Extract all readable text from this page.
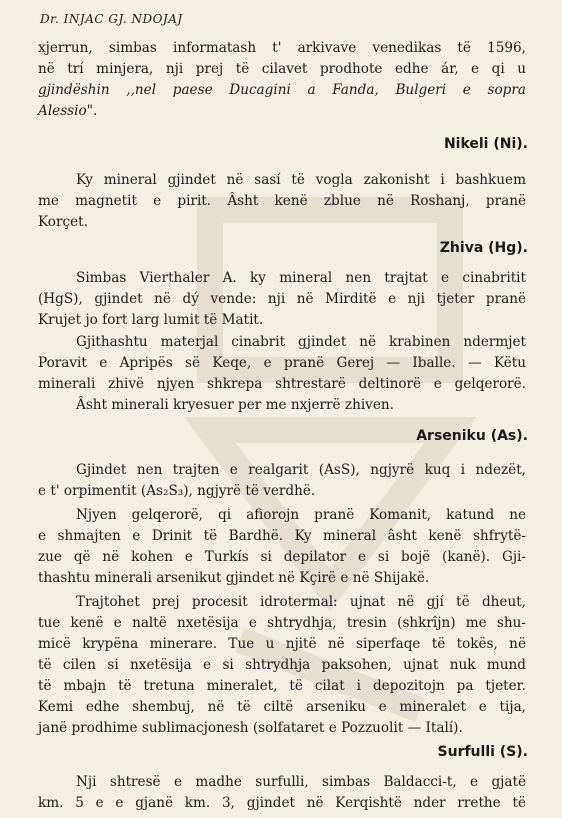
Dr. INJAC GJ. NDOJAJ
xjerrun, simbas informatash t' arkivave venedikas të 1596,
në trí minjera, nji prej të cilavet prodhote edhe ár, e qi u
gjindëshin ,,nel paese Ducagini a Fanda, Bulgeri e sopra
Alessio".
Nikeli (Ni).
Ky mineral gjindet në sasí të vogla zakonisht i bashkuem
me magnetit e pirit. Âsht kenë zblue në Roshanj, pranë
Korçet.
Zhiva (Hg).
Simbas Vierthaler A. ky mineral nen trajtat e cinabritit
(HgS), gjindet në dý vende: nji në Mirditë e nji tjeter pranë
Krujet jo fort larg lumit të Matit.
Gjithashtu materjal cinabrit gjindet në krabinen ndermjet
Poravit e Apripës së Keqe, e pranë Gerej — Iballe. — Këtu
minerali zhivë njyen shkrepa shtrestarë deltinorë e gelqerorë.
Âsht minerali kryesuer per me nxjerrë zhiven.
Arseniku (As).
Gjindet nen trajten e realgarit (AsS), ngjyrë kuq i ndezët,
e t' orpimentit (As₂S₃), ngjyrë të verdhë.
Njyen gelqerorë, qi afiorojn pranë Komanit, katund ne
e shmajten e Drinit të Bardhë. Ky mineral âsht kenë shfrytë-
zue që në kohen e Turkís si depilator e si bojë (kanë). Gji-
thashtu minerali arsenikut gjindet në Kçirë e në Shijakë.
Trajtohet prej procesit idrotermal: ujnat në gjí të dheut,
tue kenë e naltë nxetësija e shtrydhja, tresin (shkrîjn) me shu-
micë krypëna minerare. Tue u njitë në siperfaqe të tokës, në
të cilen si nxetësija e si shtrydhja paksohen, ujnat nuk mund
të mbajn të tretuna mineralet, të cilat i depozitojn pa tjeter.
Kemi edhe shembuj, në të ciltë arseniku e mineralet e tija,
janë prodhime sublimacjonesh (solfataret e Pozzuolit — Italí).
Surfulli (S).
Nji shtresë e madhe surfulli, simbas Baldacci-t, e gjatë
km. 5 e e gjanë km. 3, gjindet në Kerqishtë nder rrethe të
